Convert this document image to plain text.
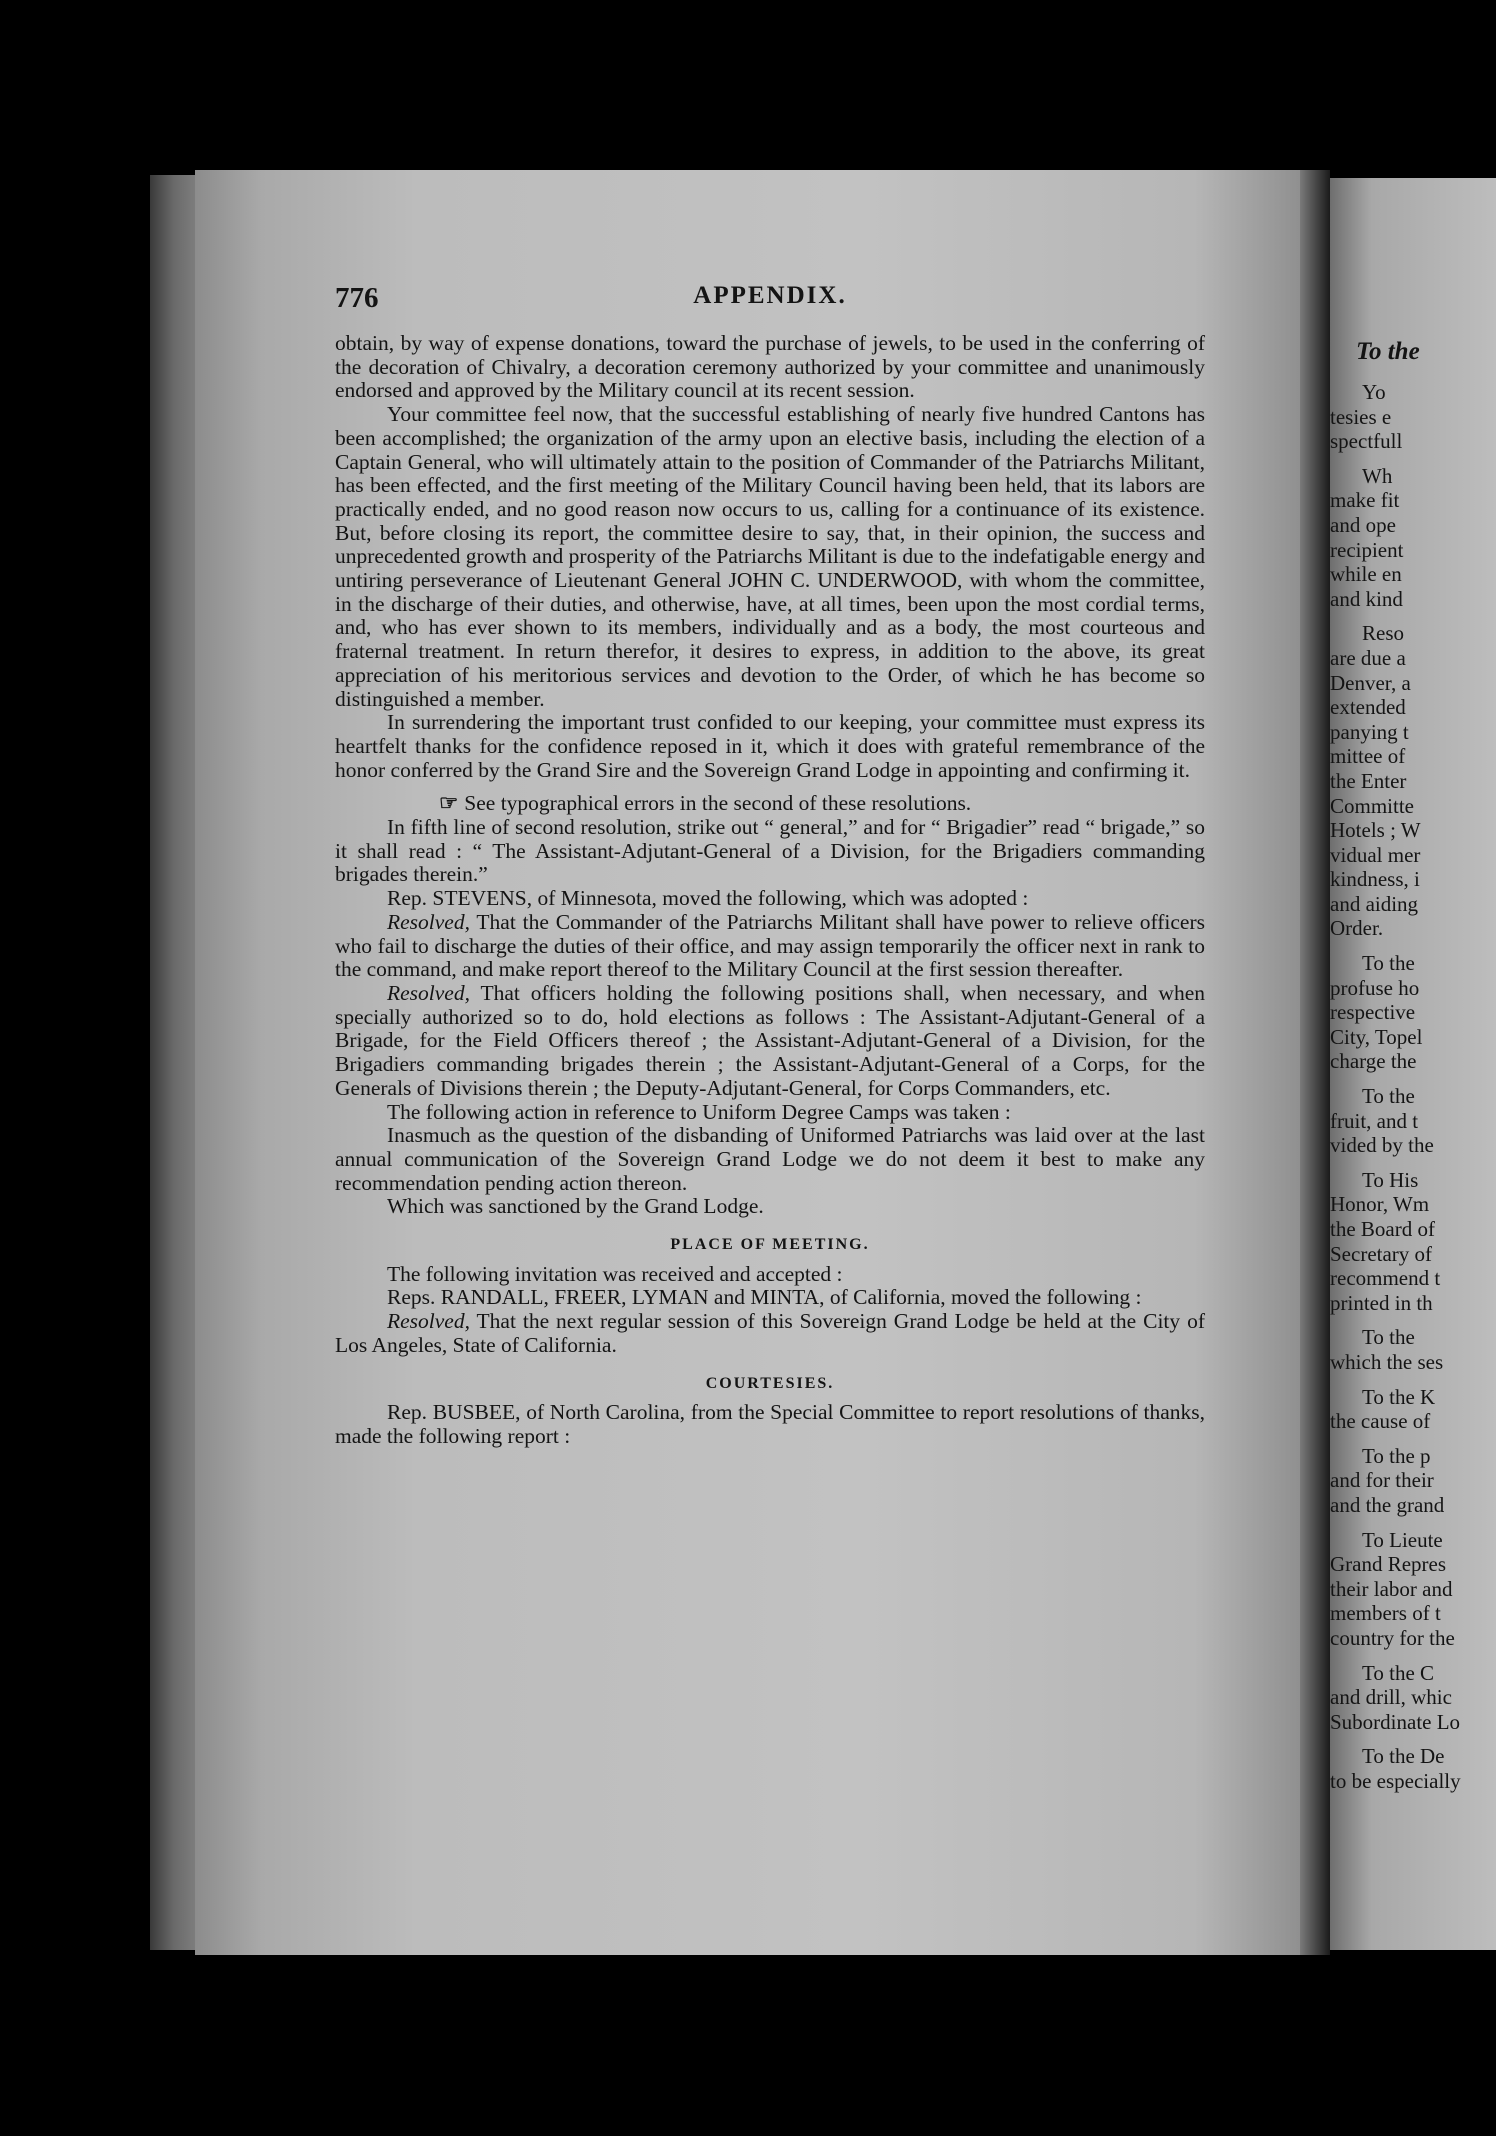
776	APPENDIX.

obtain, by way of expense donations, toward the purchase of jewels, to be used in the conferring of the decoration of Chivalry, a decoration ceremony authorized by your committee and unanimously endorsed and approved by the Military council at its recent session.

Your committee feel now, that the successful establishing of nearly five hundred Cantons has been accomplished; the organization of the army upon an elective basis, including the election of a Captain General, who will ultimately attain to the position of Commander of the Patriarchs Militant, has been effected, and the first meeting of the Military Council having been held, that its labors are practically ended, and no good reason now occurs to us, calling for a continuance of its existence. But, before closing its report, the committee desire to say, that, in their opinion, the success and unprecedented growth and prosperity of the Patriarchs Militant is due to the indefatigable energy and untiring perseverance of Lieutenant General JOHN C. UNDERWOOD, with whom the committee, in the discharge of their duties, and otherwise, have, at all times, been upon the most cordial terms, and, who has ever shown to its members, individually and as a body, the most courteous and fraternal treatment. In return therefor, it desires to express, in addition to the above, its great appreciation of his meritorious services and devotion to the Order, of which he has become so distinguished a member.

In surrendering the important trust confided to our keeping, your committee must express its heartfelt thanks for the confidence reposed in it, which it does with grateful remembrance of the honor conferred by the Grand Sire and the Sovereign Grand Lodge in appointing and confirming it.

☞ See typographical errors in the second of these resolutions.

In fifth line of second resolution, strike out “ general,” and for “ Brigadier” read “ brigade,” so it shall read : “ The Assistant-Adjutant-General of a Division, for the Brigadiers commanding brigades therein.”

Rep. STEVENS, of Minnesota, moved the following, which was adopted :

Resolved, That the Commander of the Patriarchs Militant shall have power to relieve officers who fail to discharge the duties of their office, and may assign temporarily the officer next in rank to the command, and make report thereof to the Military Council at the first session thereafter.

Resolved, That officers holding the following positions shall, when necessary, and when specially authorized so to do, hold elections as follows : The Assistant-Adjutant-General of a Brigade, for the Field Officers thereof ; the Assistant-Adjutant-General of a Division, for the Brigadiers commanding brigades therein ; the Assistant-Adjutant-General of a Corps, for the Generals of Divisions therein ; the Deputy-Adjutant-General, for Corps Commanders, etc.

The following action in reference to Uniform Degree Camps was taken :

Inasmuch as the question of the disbanding of Uniformed Patriarchs was laid over at the last annual communication of the Sovereign Grand Lodge we do not deem it best to make any recommendation pending action thereon.

Which was sanctioned by the Grand Lodge.

PLACE OF MEETING.

The following invitation was received and accepted :

Reps. RANDALL, FREER, LYMAN and MINTA, of California, moved the following :

Resolved, That the next regular session of this Sovereign Grand Lodge be held at the City of Los Angeles, State of California.

COURTESIES.

Rep. BUSBEE, of North Carolina, from the Special Committee to report resolutions of thanks, made the following report :

To the
Yo
tesies e
spectfull
Wh
make fit
and ope
recipient
while en
and kind
Reso
are due a
Denver, a
extended
panying t
mittee of
the Enter
Committe
Hotels ; W
vidual mer
kindness, i
and aiding
Order.
To the
profuse ho
respective
City, Topel
charge the
To the
fruit, and t
vided by the
To His
Honor, Wm
the Board of
Secretary of
recommend t
printed in th
To the
which the ses
To the K
the cause of
To the p
and for their
and the grand
To Lieute
Grand Repres
their labor and
members of t
country for the
To the C
and drill, whic
Subordinate Lo
To the De
to be especially
